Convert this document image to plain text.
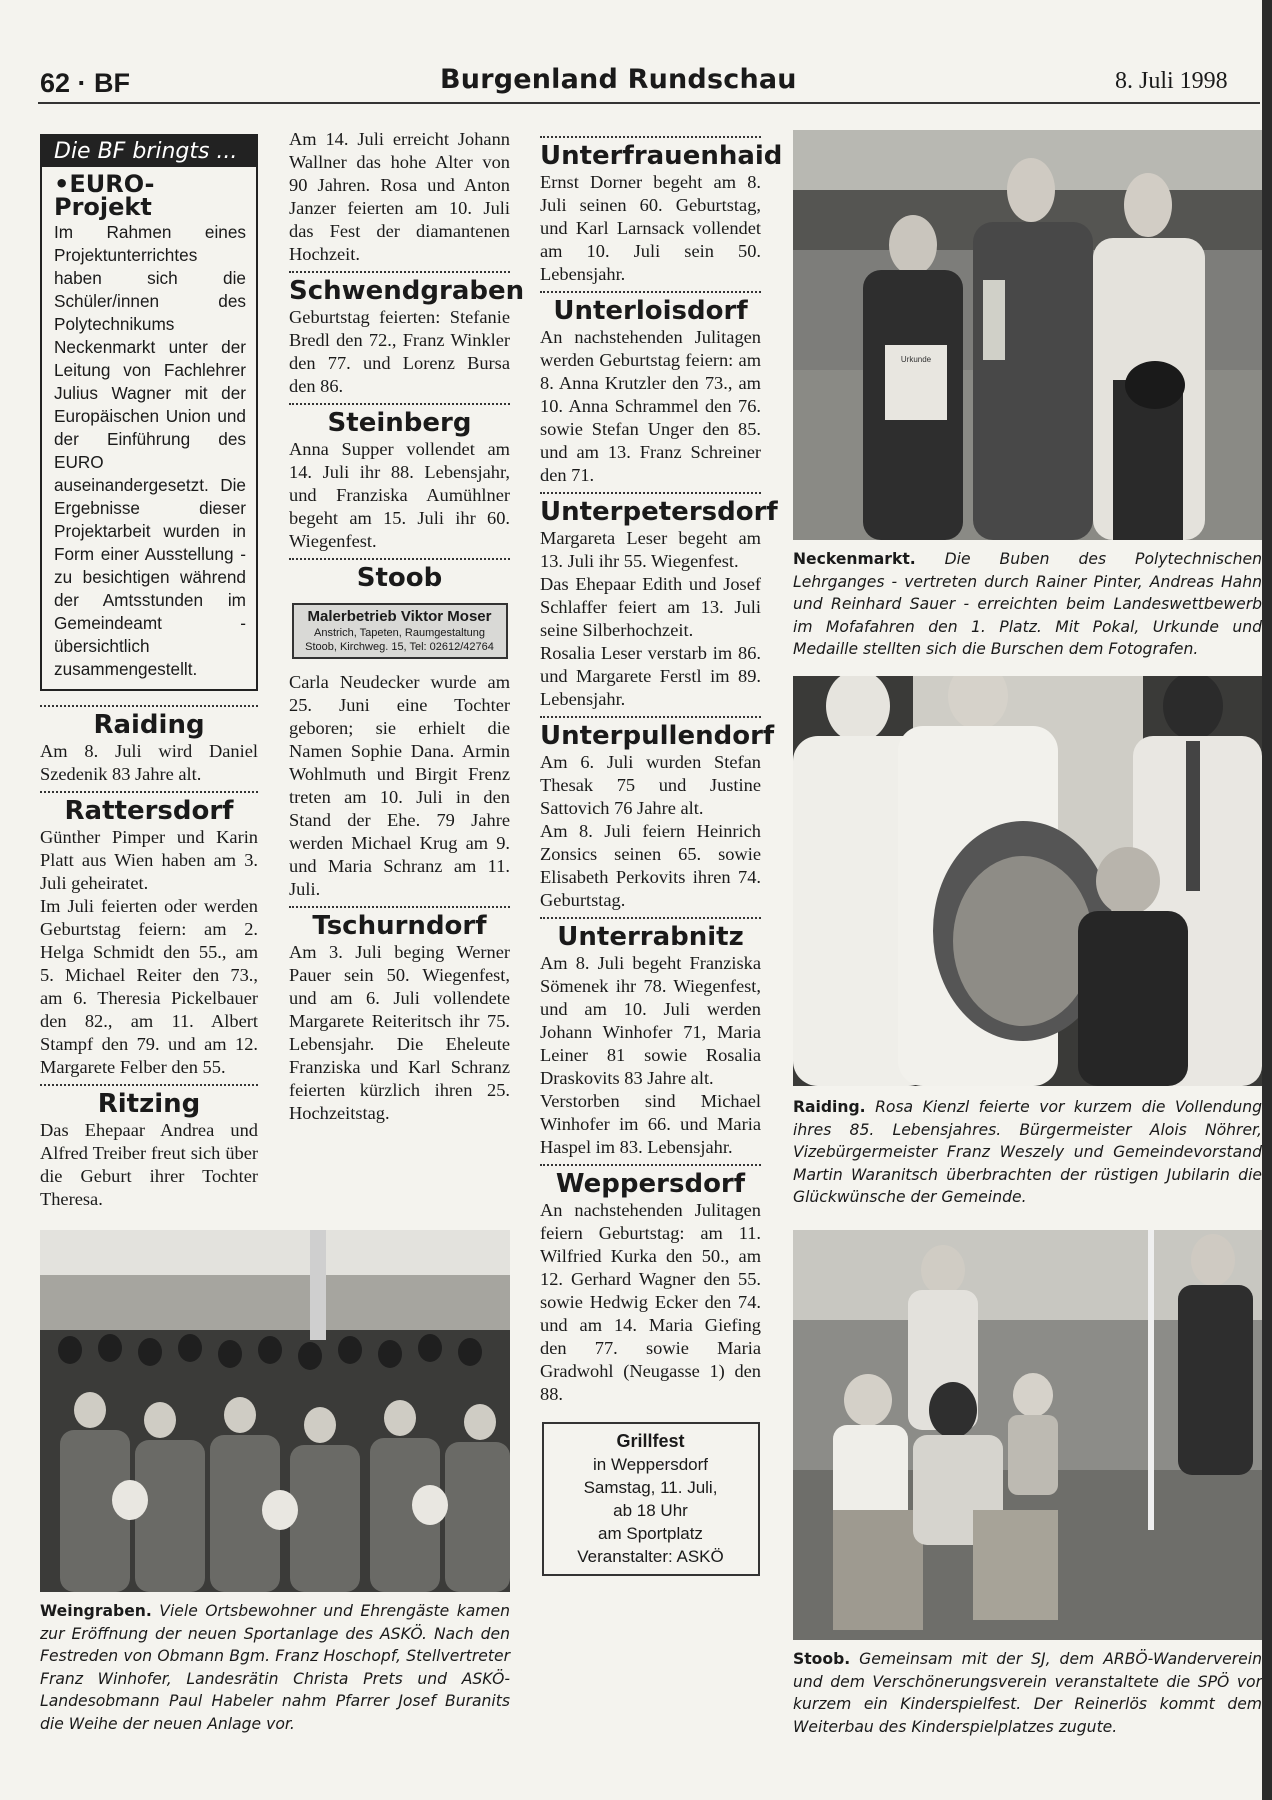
62 · BF	Burgenland Rundschau	8. Juli 1998
Die BF bringts ...
•EURO-Projekt
Im Rahmen eines Projektunterrichtes haben sich die Schüler/innen des Polytechnikums Neckenmarkt unter der Leitung von Fachlehrer Julius Wagner mit der Europäischen Union und der Einführung des EURO auseinandergesetzt. Die Ergebnisse dieser Projektarbeit wurden in Form einer Ausstellung - zu besichtigen während der Amtsstunden im Gemeindeamt - übersichtlich zusammengestellt.
Raiding

Am 8. Juli wird Daniel Szedenik 83 Jahre alt.

Rattersdorf

Günther Pimper und Karin Platt aus Wien haben am 3. Juli geheiratet.

Im Juli feierten oder werden Geburtstag feiern: am 2. Helga Schmidt den 55., am 5. Michael Reiter den 73., am 6. Theresia Pickelbauer den 82., am 11. Albert Stampf den 79. und am 12. Margarete Felber den 55.

Ritzing

Das Ehepaar Andrea und Alfred Treiber freut sich über die Geburt ihrer Tochter Theresa.

Am 14. Juli erreicht Johann Wallner das hohe Alter von 90 Jahren. Rosa und Anton Janzer feierten am 10. Juli das Fest der diamantenen Hochzeit.

Schwendgraben

Geburtstag feierten: Stefanie Bredl den 72., Franz Winkler den 77. und Lorenz Bursa den 86.

Steinberg

Anna Supper vollendet am 14. Juli ihr 88. Lebensjahr, und Franziska Aumühlner begeht am 15. Juli ihr 60. Wiegenfest.

Stoob
Malerbetrieb Viktor Moser
Anstrich, Tapeten, Raumgestaltung
Stoob, Kirchweg. 15, Tel: 02612/42764

Carla Neudecker wurde am 25. Juni eine Tochter geboren; sie erhielt die Namen Sophie Dana. Armin Wohlmuth und Birgit Frenz treten am 10. Juli in den Stand der Ehe. 79 Jahre werden Michael Krug am 9. und Maria Schranz am 11. Juli.

Tschurndorf

Am 3. Juli beging Werner Pauer sein 50. Wiegenfest, und am 6. Juli vollendete Margarete Reiteritsch ihr 75. Lebensjahr. Die Eheleute Franziska und Karl Schranz feierten kürzlich ihren 25. Hochzeitstag.

Unterfrauenhaid

Ernst Dorner begeht am 8. Juli seinen 60. Geburtstag, und Karl Larnsack vollendet am 10. Juli sein 50. Lebensjahr.

Unterloisdorf

An nachstehenden Julitagen werden Geburtstag feiern: am 8. Anna Krutzler den 73., am 10. Anna Schrammel den 76. sowie Stefan Unger den 85. und am 13. Franz Schreiner den 71.

Unterpetersdorf

Margareta Leser begeht am 13. Juli ihr 55. Wiegenfest.

Das Ehepaar Edith und Josef Schlaffer feiert am 13. Juli seine Silberhochzeit.

Rosalia Leser verstarb im 86. und Margarete Ferstl im 89. Lebensjahr.

Unterpullendorf

Am 6. Juli wurden Stefan Thesak 75 und Justine Sattovich 76 Jahre alt.

Am 8. Juli feiern Heinrich Zonsics seinen 65. sowie Elisabeth Perkovits ihren 74. Geburtstag.

Unterrabnitz

Am 8. Juli begeht Franziska Sömenek ihr 78. Wiegenfest, und am 10. Juli werden Johann Winhofer 71, Maria Leiner 81 sowie Rosalia Draskovits 83 Jahre alt.

Verstorben sind Michael Winhofer im 66. und Maria Haspel im 83. Lebensjahr.

Weppersdorf

An nachstehenden Julitagen feiern Geburtstag: am 11. Wilfried Kurka den 50., am 12. Gerhard Wagner den 55. sowie Hedwig Ecker den 74. und am 14. Maria Giefing den 77. sowie Maria Gradwohl (Neugasse 1) den 88.

Grillfest
in Weppersdorf
Samstag, 11. Juli,
ab 18 Uhr
am Sportplatz
Veranstalter: ASKÖ
Urkunde
Neckenmarkt. Die Buben des Polytechnischen Lehrganges - vertreten durch Rainer Pinter, Andreas Hahn und Reinhard Sauer - erreichten beim Landeswettbewerb im Mofafahren den 1. Platz. Mit Pokal, Urkunde und Medaille stellten sich die Burschen dem Fotografen.
Raiding. Rosa Kienzl feierte vor kurzem die Vollendung ihres 85. Lebensjahres. Bürgermeister Alois Nöhrer, Vizebürgermeister Franz Weszely und Gemeindevorstand Martin Waranitsch überbrachten der rüstigen Jubilarin die Glückwünsche der Gemeinde.
Stoob. Gemeinsam mit der SJ, dem ARBÖ-Wanderverein und dem Verschönerungsverein veranstaltete die SPÖ vor kurzem ein Kinderspielfest. Der Reinerlös kommt dem Weiterbau des Kinderspielplatzes zugute.
Weingraben. Viele Ortsbewohner und Ehrengäste kamen zur Eröffnung der neuen Sportanlage des ASKÖ. Nach den Festreden von Obmann Bgm. Franz Hoschopf, Stellvertreter Franz Winhofer, Landesrätin Christa Prets und ASKÖ-Landesobmann Paul Habeler nahm Pfarrer Josef Buranits die Weihe der neuen Anlage vor.
